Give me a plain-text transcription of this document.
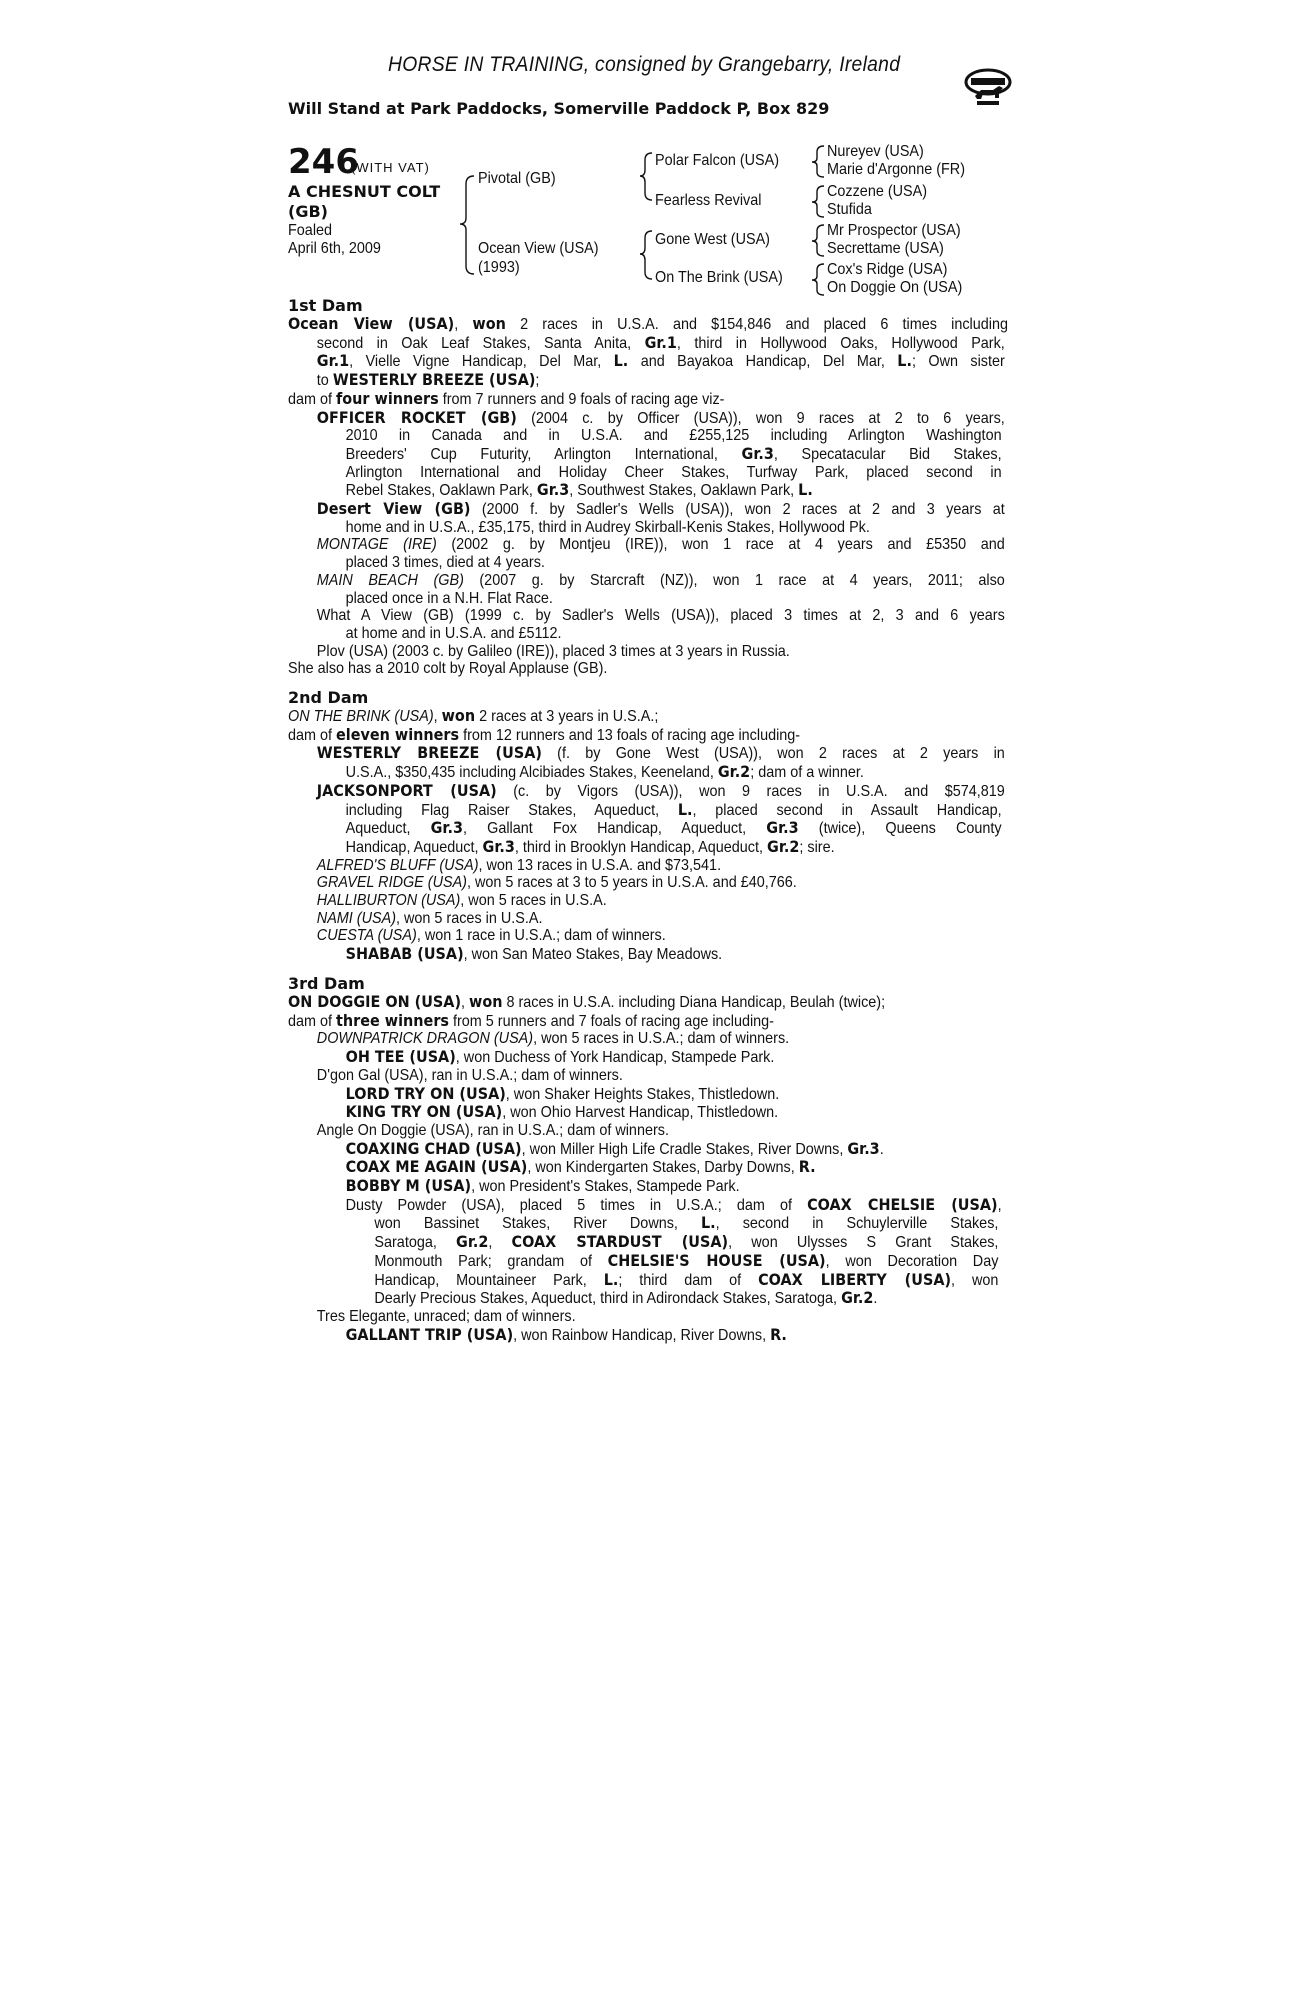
HORSE IN TRAINING, consigned by Grangebarry, Ireland
Will Stand at Park Paddocks, Somerville Paddock P, Box 829
246
(WITH VAT)
A CHESNUT COLT
(GB)
Foaled
April 6th, 2009
Pivotal (GB)
Ocean View (USA)
(1993)
Polar Falcon (USA)
Fearless Revival
Gone West (USA)
On The Brink (USA)
Nureyev (USA)
Marie d'Argonne (FR)
Cozzene (USA)
Stufida
Mr Prospector (USA)
Secrettame (USA)
Cox's Ridge (USA)
On Doggie On (USA)
1st Dam
Ocean View (USA), won 2 races in U.S.A. and $154,846 and placed 6 times including
second in Oak Leaf Stakes, Santa Anita, Gr.1, third in Hollywood Oaks, Hollywood Park,
Gr.1, Vielle Vigne Handicap, Del Mar, L. and Bayakoa Handicap, Del Mar, L.; Own sister
to WESTERLY BREEZE (USA);
dam of four winners from 7 runners and 9 foals of racing age viz-
OFFICER ROCKET (GB) (2004 c. by Officer (USA)), won 9 races at 2 to 6 years,
2010 in Canada and in U.S.A. and £255,125 including Arlington Washington
Breeders' Cup Futurity, Arlington International, Gr.3, Specatacular Bid Stakes,
Arlington International and Holiday Cheer Stakes, Turfway Park, placed second in
Rebel Stakes, Oaklawn Park, Gr.3, Southwest Stakes, Oaklawn Park, L.
Desert View (GB) (2000 f. by Sadler's Wells (USA)), won 2 races at 2 and 3 years at
home and in U.S.A., £35,175, third in Audrey Skirball-Kenis Stakes, Hollywood Pk.
MONTAGE (IRE) (2002 g. by Montjeu (IRE)), won 1 race at 4 years and £5350 and
placed 3 times, died at 4 years.
MAIN BEACH (GB) (2007 g. by Starcraft (NZ)), won 1 race at 4 years, 2011; also
placed once in a N.H. Flat Race.
What A View (GB) (1999 c. by Sadler's Wells (USA)), placed 3 times at 2, 3 and 6 years
at home and in U.S.A. and £5112.
Plov (USA) (2003 c. by Galileo (IRE)), placed 3 times at 3 years in Russia.
She also has a 2010 colt by Royal Applause (GB).
2nd Dam
ON THE BRINK (USA), won 2 races at 3 years in U.S.A.;
dam of eleven winners from 12 runners and 13 foals of racing age including-
WESTERLY BREEZE (USA) (f. by Gone West (USA)), won 2 races at 2 years in
U.S.A., $350,435 including Alcibiades Stakes, Keeneland, Gr.2; dam of a winner.
JACKSONPORT (USA) (c. by Vigors (USA)), won 9 races in U.S.A. and $574,819
including Flag Raiser Stakes, Aqueduct, L., placed second in Assault Handicap,
Aqueduct, Gr.3, Gallant Fox Handicap, Aqueduct, Gr.3 (twice), Queens County
Handicap, Aqueduct, Gr.3, third in Brooklyn Handicap, Aqueduct, Gr.2; sire.
ALFRED'S BLUFF (USA), won 13 races in U.S.A. and $73,541.
GRAVEL RIDGE (USA), won 5 races at 3 to 5 years in U.S.A. and £40,766.
HALLIBURTON (USA), won 5 races in U.S.A.
NAMI (USA), won 5 races in U.S.A.
CUESTA (USA), won 1 race in U.S.A.; dam of winners.
SHABAB (USA), won San Mateo Stakes, Bay Meadows.
3rd Dam
ON DOGGIE ON (USA), won 8 races in U.S.A. including Diana Handicap, Beulah (twice);
dam of three winners from 5 runners and 7 foals of racing age including-
DOWNPATRICK DRAGON (USA), won 5 races in U.S.A.; dam of winners.
OH TEE (USA), won Duchess of York Handicap, Stampede Park.
D'gon Gal (USA), ran in U.S.A.; dam of winners.
LORD TRY ON (USA), won Shaker Heights Stakes, Thistledown.
KING TRY ON (USA), won Ohio Harvest Handicap, Thistledown.
Angle On Doggie (USA), ran in U.S.A.; dam of winners.
COAXING CHAD (USA), won Miller High Life Cradle Stakes, River Downs, Gr.3.
COAX ME AGAIN (USA), won Kindergarten Stakes, Darby Downs, R.
BOBBY M (USA), won President's Stakes, Stampede Park.
Dusty Powder (USA), placed 5 times in U.S.A.; dam of COAX CHELSIE (USA),
won Bassinet Stakes, River Downs, L., second in Schuylerville Stakes,
Saratoga, Gr.2, COAX STARDUST (USA), won Ulysses S Grant Stakes,
Monmouth Park; grandam of CHELSIE'S HOUSE (USA), won Decoration Day
Handicap, Mountaineer Park, L.; third dam of COAX LIBERTY (USA), won
Dearly Precious Stakes, Aqueduct, third in Adirondack Stakes, Saratoga, Gr.2.
Tres Elegante, unraced; dam of winners.
GALLANT TRIP (USA), won Rainbow Handicap, River Downs, R.
